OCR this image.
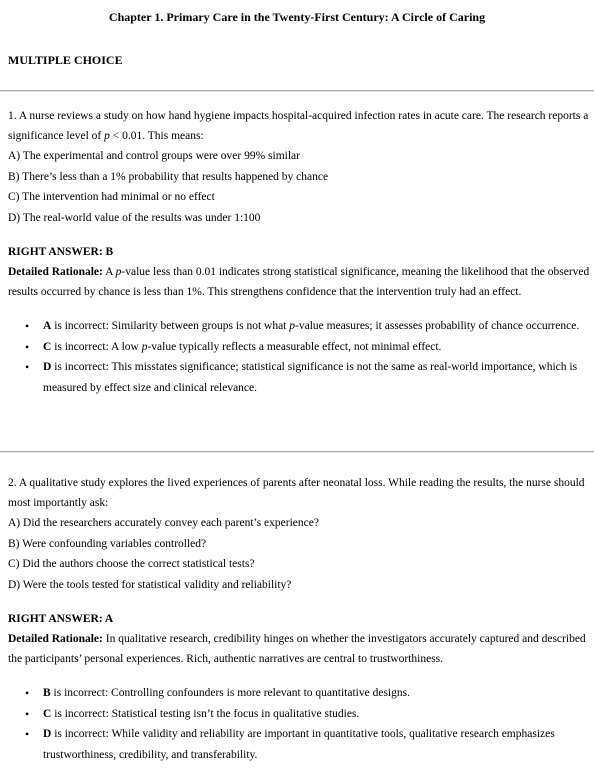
Chapter 1. Primary Care in the Twenty-First Century: A Circle of Caring
MULTIPLE CHOICE

1. A nurse reviews a study on how hand hygiene impacts hospital-acquired infection rates in acute care. The research reports a significance level of p < 0.01. This means:

A) The experimental and control groups were over 99% similar
B) There’s less than a 1% probability that results happened by chance
C) The intervention had minimal or no effect
D) The real-world value of the results was under 1:100

RIGHT ANSWER: B

Detailed Rationale: A p-value less than 0.01 indicates strong statistical significance, meaning the likelihood that the observed results occurred by chance is less than 1%. This strengthens confidence that the intervention truly had an effect.

• A is incorrect: Similarity between groups is not what p-value measures; it assesses probability of chance occurrence.
• C is incorrect: A low p-value typically reflects a measurable effect, not minimal effect.
• D is incorrect: This misstates significance; statistical significance is not the same as real-world importance, which is measured by effect size and clinical relevance.

2. A qualitative study explores the lived experiences of parents after neonatal loss. While reading the results, the nurse should most importantly ask:

A) Did the researchers accurately convey each parent’s experience?
B) Were confounding variables controlled?
C) Did the authors choose the correct statistical tests?
D) Were the tools tested for statistical validity and reliability?

RIGHT ANSWER: A

Detailed Rationale: In qualitative research, credibility hinges on whether the investigators accurately captured and described the participants’ personal experiences. Rich, authentic narratives are central to trustworthiness.

• B is incorrect: Controlling confounders is more relevant to quantitative designs.
• C is incorrect: Statistical testing isn’t the focus in qualitative studies.
• D is incorrect: While validity and reliability are important in quantitative tools, qualitative research emphasizes trustworthiness, credibility, and transferability.
